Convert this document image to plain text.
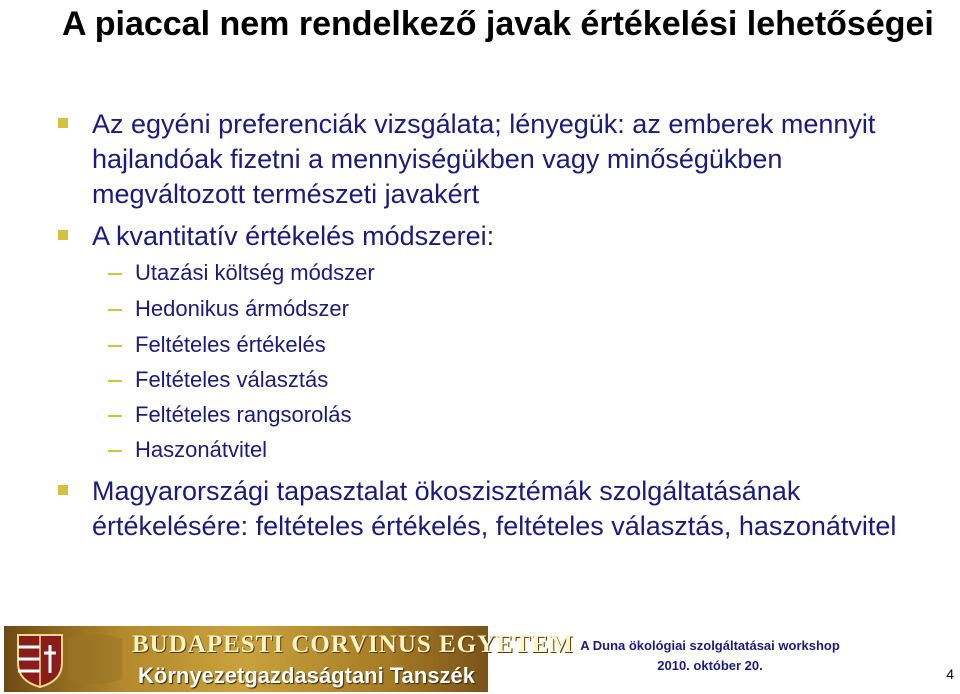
A piaccal nem rendelkező javak értékelési lehetőségei
Az egyéni preferenciák vizsgálata; lényegük: az emberek mennyit hajlandóak fizetni a mennyiségükben vagy minőségükben megváltozott természeti javakért
A kvantitatív értékelés módszerei:
Utazási költség módszer
Hedonikus ármódszer
Feltételes értékelés
Feltételes választás
Feltételes rangsorolás
Haszonátvitel
Magyarországi tapasztalat ökoszisztémák szolgáltatásának értékelésére: feltételes értékelés, feltételes választás, haszonátvitel
BUDAPESTI CORVINUS EGYETEM
Környezetgazdaságtani Tanszék
A Duna ökológiai szolgáltatásai workshop
2010. október 20.
4
